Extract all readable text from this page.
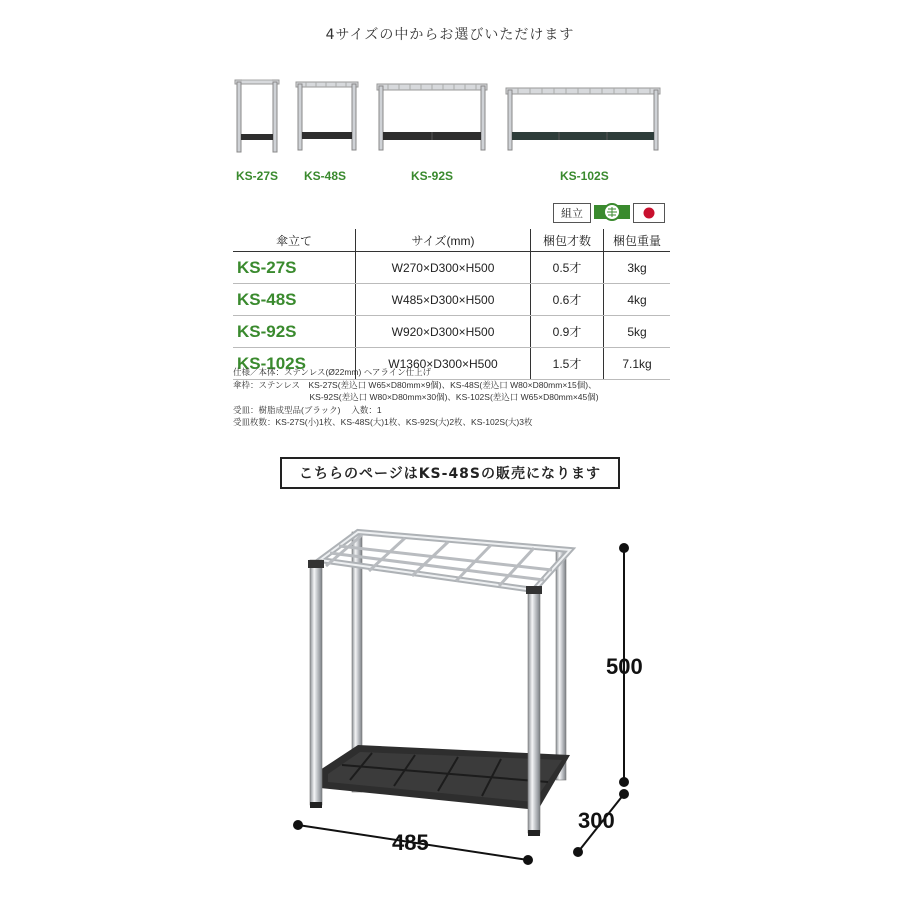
4サイズの中からお選びいただけます
KS-27S KS-48S	KS-92S	KS-102S
組立
傘立て	サイズ(mm)	梱包才数	梱包重量
KS-27S	W270×D300×H500	0.5才	3kg
KS-48S	W485×D300×H500	0.6才	4kg
KS-92S	W920×D300×H500	0.9才	5kg
KS-102S	W1360×D300×H500	1.5才	7.1kg
仕様／本体：ステンレス(Ø22mm) ヘアライン仕上げ
傘枠：ステンレス　KS-27S(差込口 W65×D80mm×9個)、KS-48S(差込口 W80×D80mm×15個)、
　　　　　　　　　KS-92S(差込口 W80×D80mm×30個)、KS-102S(差込口 W65×D80mm×45個)
受皿：樹脂成型品(ブラック)　 入数：1
受皿枚数：KS-27S(小)1枚、KS-48S(大)1枚、KS-92S(大)2枚、KS-102S(大)3枚
こちらのページはKS-48Sの販売になります
500
485
300
